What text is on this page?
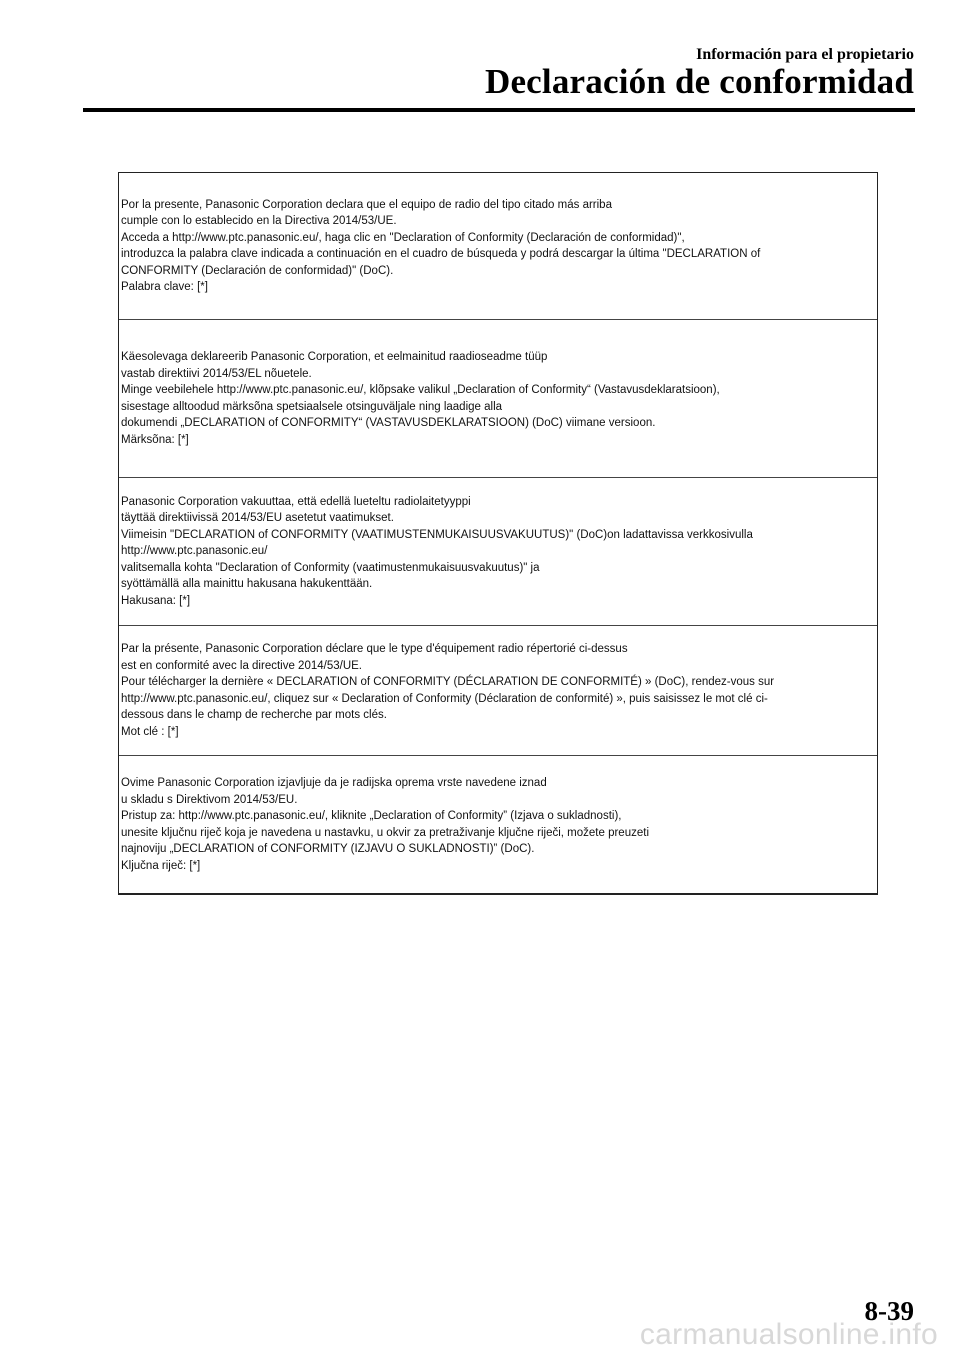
Información para el propietario
Declaración de conformidad
Por la presente, Panasonic Corporation declara que el equipo de radio del tipo citado más arriba
cumple con lo establecido en la Directiva 2014/53/UE.
Acceda a http://www.ptc.panasonic.eu/, haga clic en "Declaration of Conformity (Declaración de conformidad)",
introduzca la palabra clave indicada a continuación en el cuadro de búsqueda y podrá descargar la última "DECLARATION of
CONFORMITY (Declaración de conformidad)" (DoC).
Palabra clave: [*]
Käesolevaga deklareerib Panasonic Corporation, et eelmainitud raadioseadme tüüp
vastab direktiivi 2014/53/EL nõuetele.
Minge veebilehele http://www.ptc.panasonic.eu/, klõpsake valikul „Declaration of Conformity“ (Vastavusdeklaratsioon),
sisestage alltoodud märksõna spetsiaalsele otsinguväljale ning laadige alla
dokumendi „DECLARATION of CONFORMITY“ (VASTAVUSDEKLARATSIOON) (DoC) viimane versioon.
Märksõna: [*]
Panasonic Corporation vakuuttaa, että edellä lueteltu radiolaitetyyppi
täyttää direktiivissä 2014/53/EU asetetut vaatimukset.
Viimeisin "DECLARATION of CONFORMITY (VAATIMUSTENMUKAISUUSVAKUUTUS)" (DoC)on ladattavissa verkkosivulla
http://www.ptc.panasonic.eu/
valitsemalla kohta "Declaration of Conformity (vaatimustenmukaisuusvakuutus)" ja
syöttämällä alla mainittu hakusana hakukenttään.
Hakusana: [*]
Par la présente, Panasonic Corporation déclare que le type d'équipement radio répertorié ci-dessus
est en conformité avec la directive 2014/53/UE.
Pour télécharger la dernière « DECLARATION of CONFORMITY (DÉCLARATION DE CONFORMITÉ) » (DoC), rendez-vous sur
http://www.ptc.panasonic.eu/, cliquez sur « Declaration of Conformity (Déclaration de conformité) », puis saisissez le mot clé ci-
dessous dans le champ de recherche par mots clés.
Mot clé : [*]
Ovime Panasonic Corporation izjavljuje da je radijska oprema vrste navedene iznad
u skladu s Direktivom 2014/53/EU.
Pristup za: http://www.ptc.panasonic.eu/, kliknite „Declaration of Conformity” (Izjava o sukladnosti),
unesite ključnu riječ koja je navedena u nastavku, u okvir za pretraživanje ključne riječi, možete preuzeti
najnoviju „DECLARATION of CONFORMITY (IZJAVU O SUKLADNOSTI)” (DoC).
Ključna riječ: [*]
8-39
carmanualsonline.info
